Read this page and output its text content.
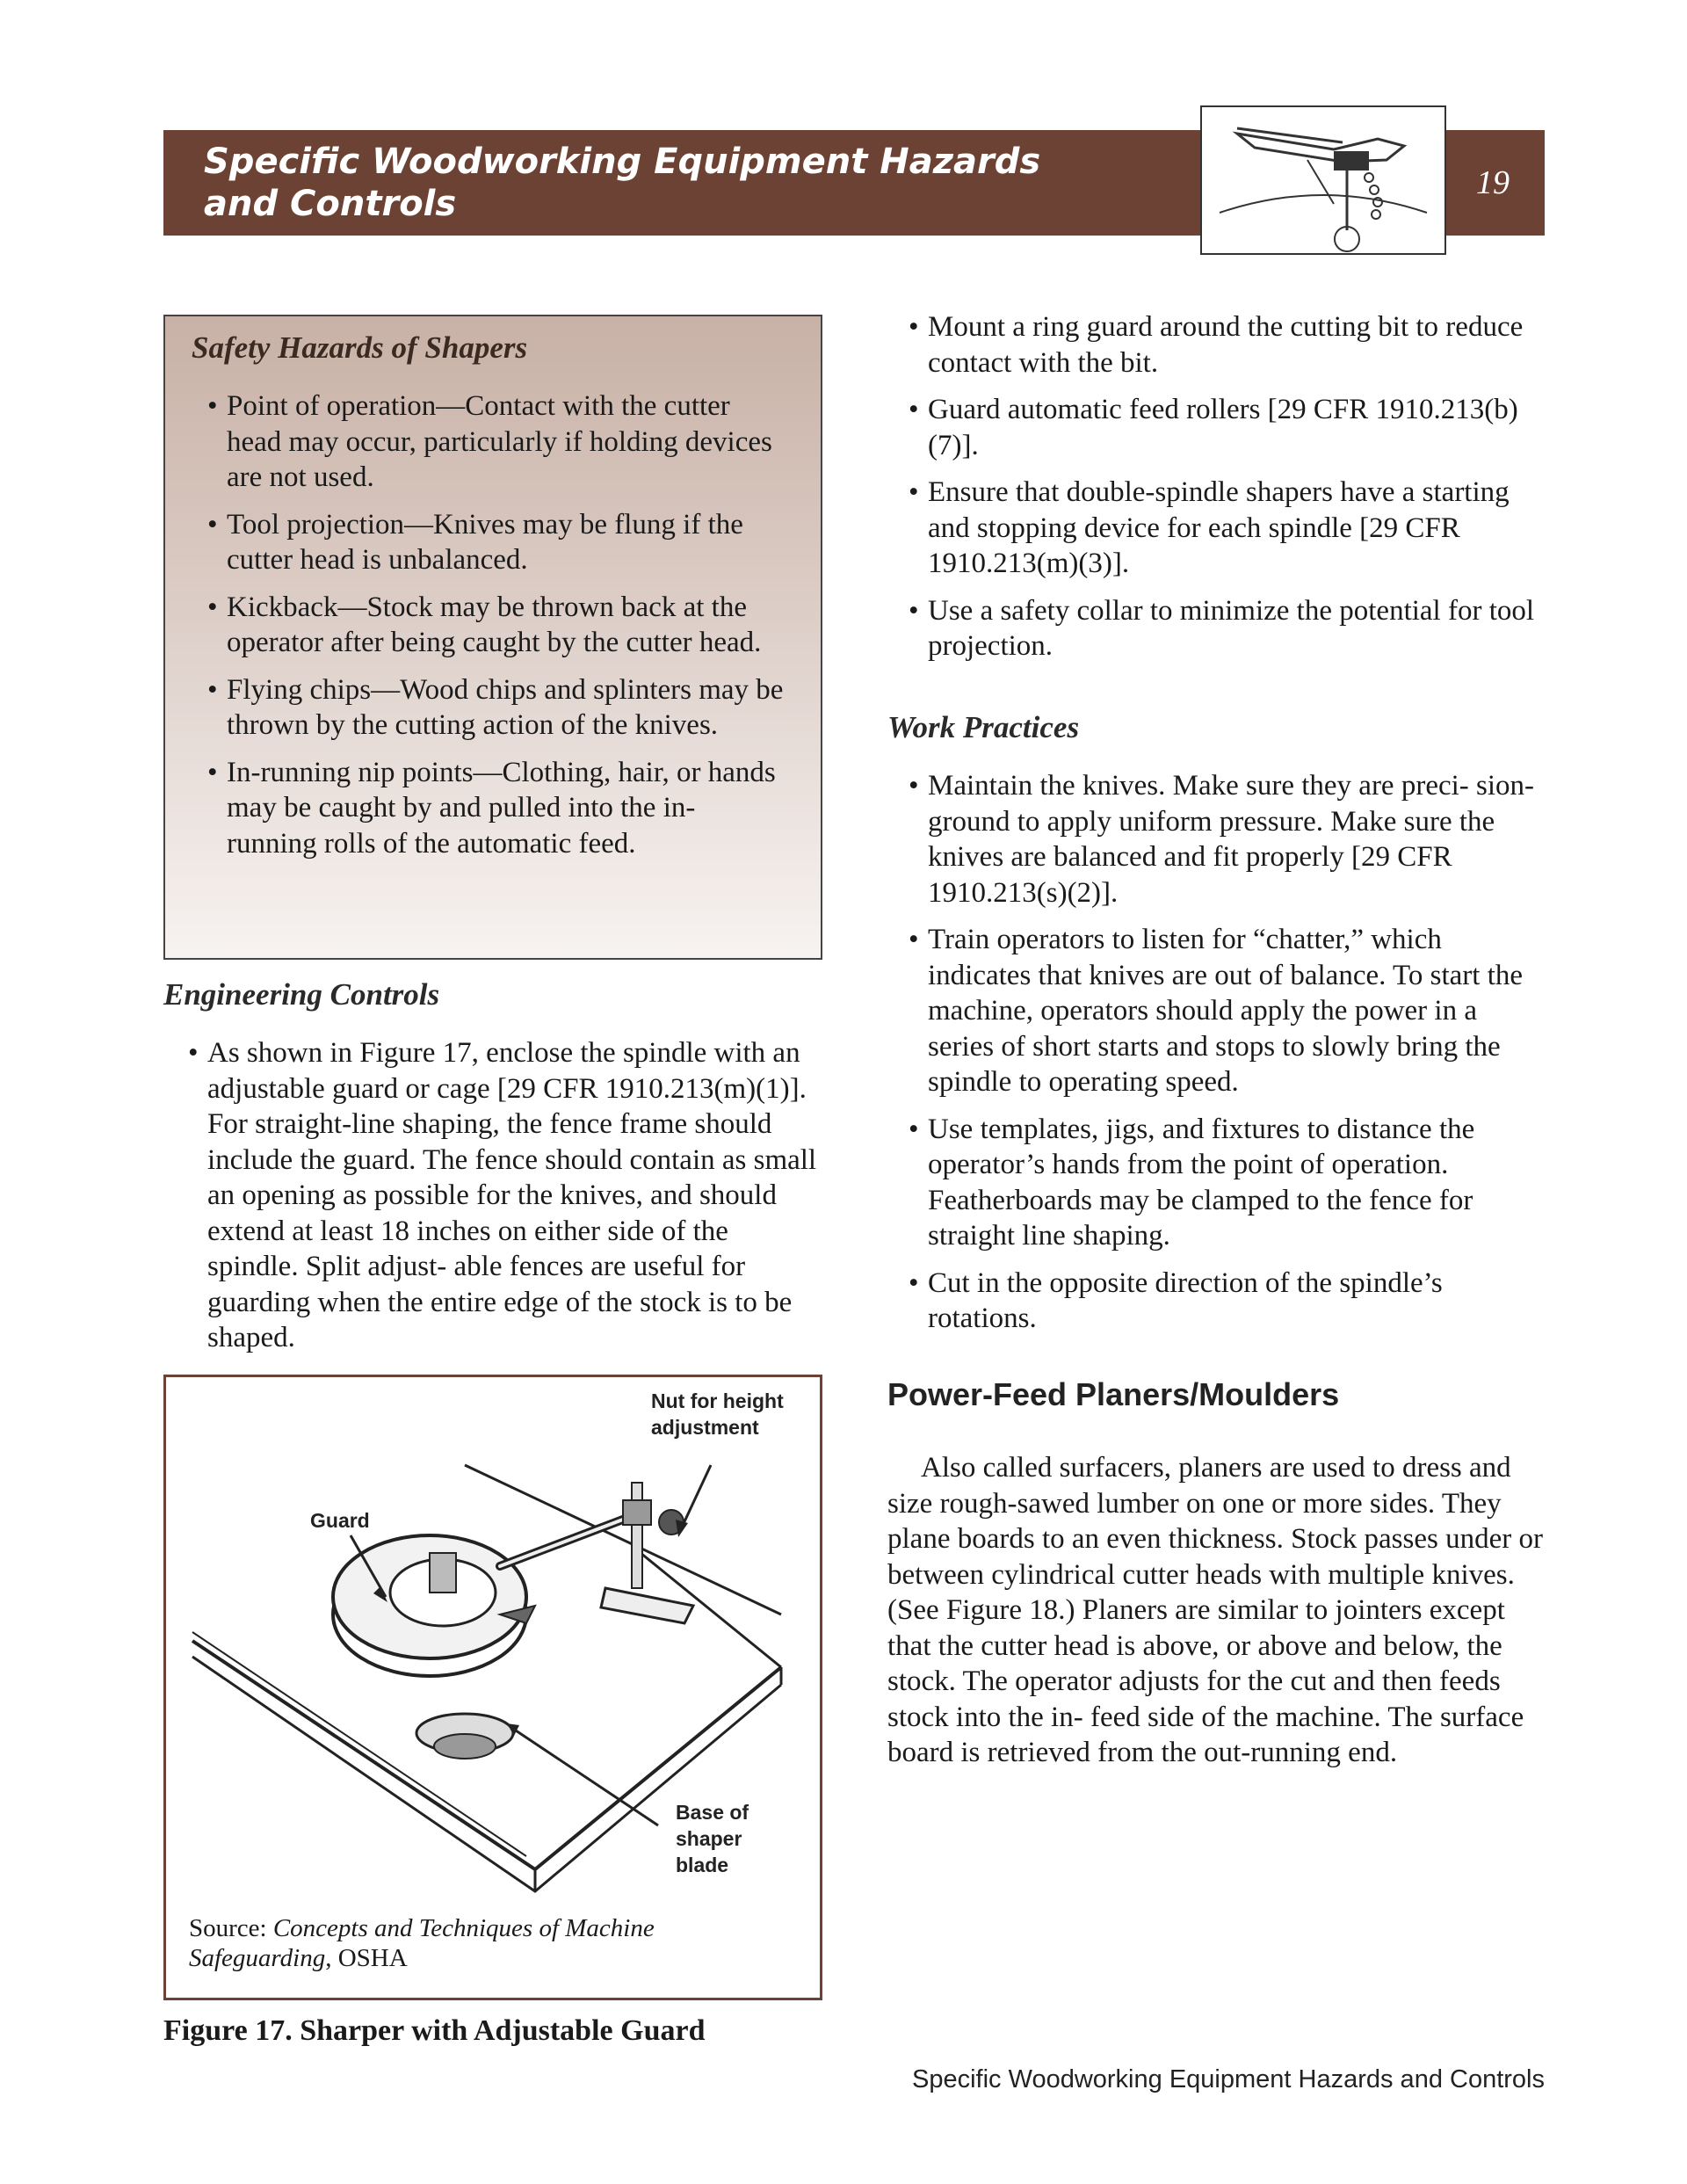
Specific Woodworking Equipment Hazards
and Controls
19
Safety Hazards of Shapers
• Point of operation—Contact with the cutter head may occur, particularly if holding devices are not used.
• Tool projection—Knives may be flung if the cutter head is unbalanced.
• Kickback—Stock may be thrown back at the operator after being caught by the cutter head.
• Flying chips—Wood chips and splinters may be thrown by the cutting action of the knives.
• In-running nip points—Clothing, hair, or hands may be caught by and pulled into the in- running rolls of the automatic feed.
Engineering Controls
• As shown in Figure 17, enclose the spindle with an adjustable guard or cage [29 CFR 1910.213(m)(1)]. For straight-line shaping, the fence frame should include the guard. The fence should contain as small an opening as possible for the knives, and should extend at least 18 inches on either side of the spindle. Split adjust- able fences are useful for guarding when the entire edge of the stock is to be shaped.
Nut for height adjustment
Guard
Base of shaper blade
Source: Concepts and Techniques of Machine Safeguarding, OSHA
Figure 17. Sharper with Adjustable Guard
• Mount a ring guard around the cutting bit to reduce contact with the bit.
• Guard automatic feed rollers [29 CFR 1910.213(b)(7)].
• Ensure that double-spindle shapers have a starting and stopping device for each spindle [29 CFR 1910.213(m)(3)].
• Use a safety collar to minimize the potential for tool projection.
Work Practices
• Maintain the knives. Make sure they are preci- sion-ground to apply uniform pressure. Make sure the knives are balanced and fit properly [29 CFR 1910.213(s)(2)].
• Train operators to listen for “chatter,” which indicates that knives are out of balance. To start the machine, operators should apply the power in a series of short starts and stops to slowly bring the spindle to operating speed.
• Use templates, jigs, and fixtures to distance the operator’s hands from the point of operation. Featherboards may be clamped to the fence for straight line shaping.
• Cut in the opposite direction of the spindle’s rotations.
Power-Feed Planers/Moulders

Also called surfacers, planers are used to dress and size rough-sawed lumber on one or more sides. They plane boards to an even thickness. Stock passes under or between cylindrical cutter heads with multiple knives. (See Figure 18.) Planers are similar to jointers except that the cutter head is above, or above and below, the stock. The operator adjusts for the cut and then feeds stock into the in- feed side of the machine. The surface board is retrieved from the out-running end.

Specific Woodworking Equipment Hazards and Controls
